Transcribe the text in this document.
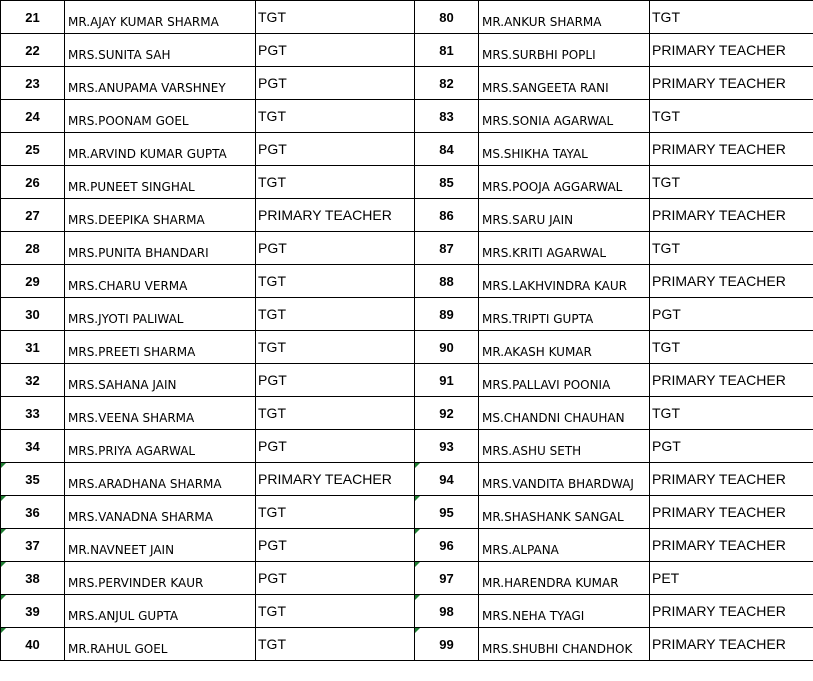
21	MR.AJAY KUMAR SHARMA	TGT	80	MR.ANKUR SHARMA	TGT
22	MRS.SUNITA SAH	PGT	81	MRS.SURBHI POPLI	PRIMARY TEACHER
23	MRS.ANUPAMA VARSHNEY	PGT	82	MRS.SANGEETA RANI	PRIMARY TEACHER
24	MRS.POONAM GOEL	TGT	83	MRS.SONIA AGARWAL	TGT
25	MR.ARVIND KUMAR GUPTA	PGT	84	MS.SHIKHA TAYAL	PRIMARY TEACHER
26	MR.PUNEET SINGHAL	TGT	85	MRS.POOJA AGGARWAL	TGT
27	MRS.DEEPIKA SHARMA	PRIMARY TEACHER	86	MRS.SARU JAIN	PRIMARY TEACHER
28	MRS.PUNITA BHANDARI	PGT	87	MRS.KRITI AGARWAL	TGT
29	MRS.CHARU VERMA	TGT	88	MRS.LAKHVINDRA KAUR	PRIMARY TEACHER
30	MRS.JYOTI PALIWAL	TGT	89	MRS.TRIPTI GUPTA	PGT
31	MRS.PREETI SHARMA	TGT	90	MR.AKASH KUMAR	TGT
32	MRS.SAHANA JAIN	PGT	91	MRS.PALLAVI POONIA	PRIMARY TEACHER
33	MRS.VEENA SHARMA	TGT	92	MS.CHANDNI CHAUHAN	TGT
34	MRS.PRIYA AGARWAL	PGT	93	MRS.ASHU SETH	PGT
35	MRS.ARADHANA SHARMA	PRIMARY TEACHER	94	MRS.VANDITA BHARDWAJ	PRIMARY TEACHER
36	MRS.VANADNA SHARMA	TGT	95	MR.SHASHANK SANGAL	PRIMARY TEACHER
37	MR.NAVNEET JAIN	PGT	96	MRS.ALPANA	PRIMARY TEACHER
38	MRS.PERVINDER KAUR	PGT	97	MR.HARENDRA KUMAR	PET
39	MRS.ANJUL GUPTA	TGT	98	MRS.NEHA TYAGI	PRIMARY TEACHER
40	MR.RAHUL GOEL	TGT	99	MRS.SHUBHI CHANDHOK	PRIMARY TEACHER
